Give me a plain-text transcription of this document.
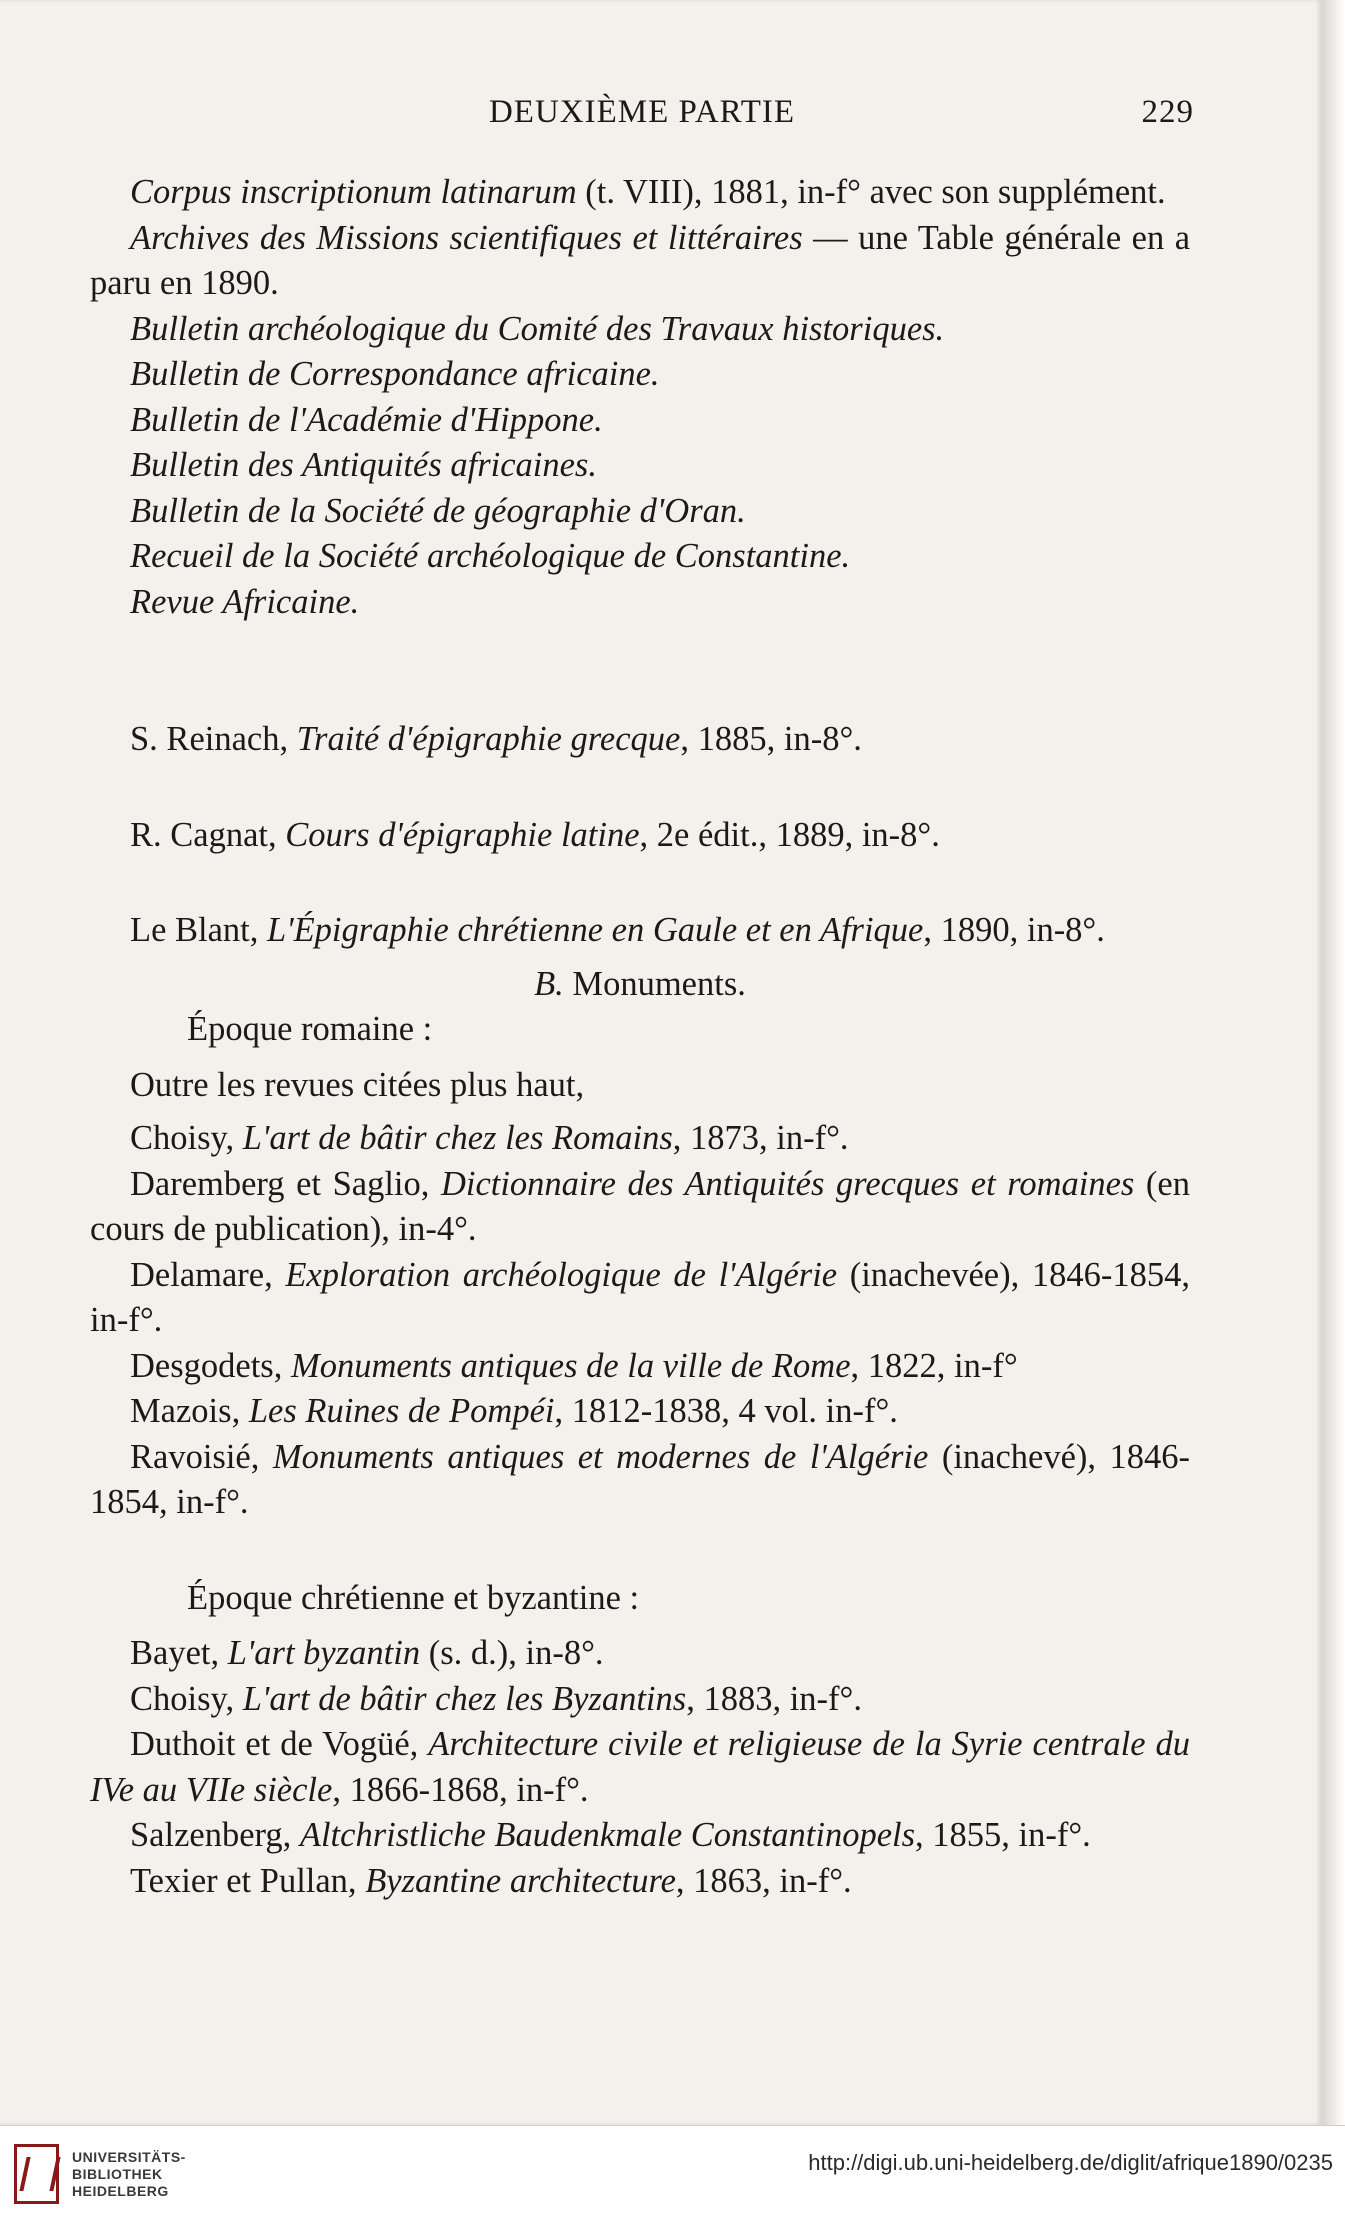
DEUXIÈME PARTIE	229

Corpus inscriptionum latinarum (t. VIII), 1881, in-f° avec son supplément.

Archives des Missions scientifiques et littéraires — une Table générale en a paru en 1890.

Bulletin archéologique du Comité des Travaux historiques.

Bulletin de Correspondance africaine.

Bulletin de l'Académie d'Hippone.

Bulletin des Antiquités africaines.

Bulletin de la Société de géographie d'Oran.

Recueil de la Société archéologique de Constantine.

Revue Africaine.

S. Reinach, Traité d'épigraphie grecque, 1885, in-8°.

R. Cagnat, Cours d'épigraphie latine, 2e édit., 1889, in-8°.

Le Blant, L'Épigraphie chrétienne en Gaule et en Afrique, 1890, in-8°.

B. Monuments.

Époque romaine :

Outre les revues citées plus haut,

Choisy, L'art de bâtir chez les Romains, 1873, in-f°.

Daremberg et Saglio, Dictionnaire des Antiquités grecques et romaines (en cours de publication), in-4°.

Delamare, Exploration archéologique de l'Algérie (inachevée), 1846-1854, in-f°.

Desgodets, Monuments antiques de la ville de Rome, 1822, in-f°

Mazois, Les Ruines de Pompéi, 1812-1838, 4 vol. in-f°.

Ravoisié, Monuments antiques et modernes de l'Algérie (inachevé), 1846-1854, in-f°.

Époque chrétienne et byzantine :

Bayet, L'art byzantin (s. d.), in-8°.

Choisy, L'art de bâtir chez les Byzantins, 1883, in-f°.

Duthoit et de Vogüé, Architecture civile et religieuse de la Syrie centrale du IVe au VIIe siècle, 1866-1868, in-f°.

Salzenberg, Altchristliche Baudenkmale Constantinopels, 1855, in-f°.

Texier et Pullan, Byzantine architecture, 1863, in-f°.

UNIVERSITÄTS-
BIBLIOTHEK
HEIDELBERG
http://digi.ub.uni-heidelberg.de/diglit/afrique1890/0235
